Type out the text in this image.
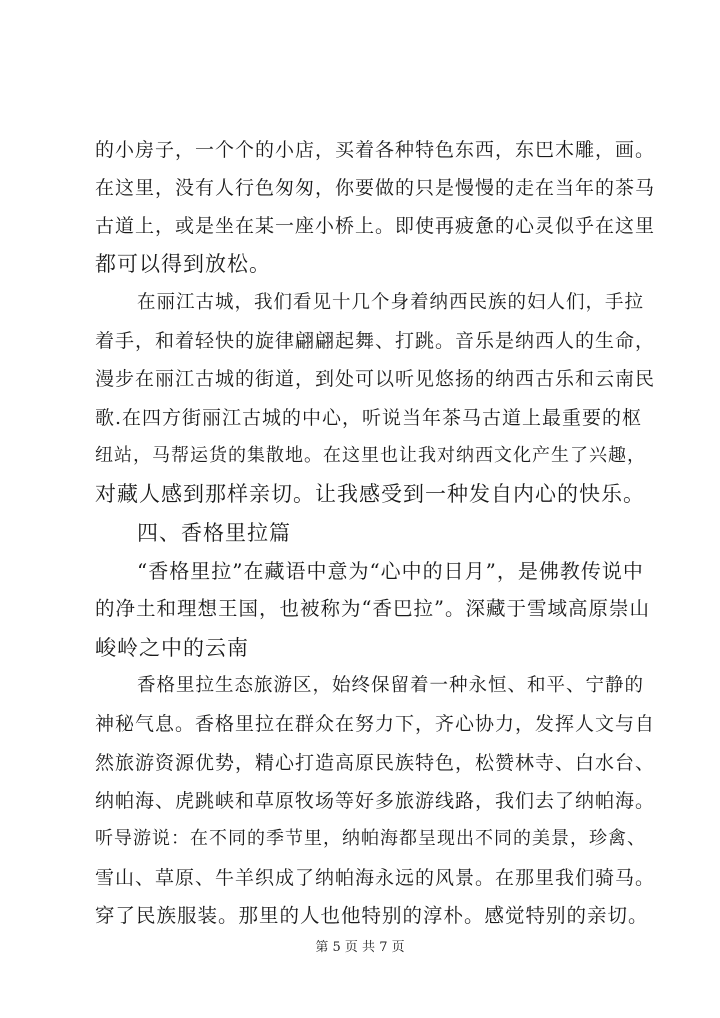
的小房子，一个个的小店，买着各种特色东西，东巴木雕，画。
在这里，没有人行色匆匆，你要做的只是慢慢的走在当年的茶马
古道上，或是坐在某一座小桥上。即使再疲惫的心灵似乎在这里
都可以得到放松。
在丽江古城，我们看见十几个身着纳西民族的妇人们，手拉
着手，和着轻快的旋律翩翩起舞、打跳。音乐是纳西人的生命，
漫步在丽江古城的街道，到处可以听见悠扬的纳西古乐和云南民
歌.在四方街丽江古城的中心，听说当年茶马古道上最重要的枢
纽站，马帮运货的集散地。在这里也让我对纳西文化产生了兴趣，
对藏人感到那样亲切。让我感受到一种发自内心的快乐。
四、香格里拉篇
“香格里拉”在藏语中意为“心中的日月”，是佛教传说中
的净土和理想王国，也被称为“香巴拉”。深藏于雪域高原崇山
峻岭之中的云南
香格里拉生态旅游区，始终保留着一种永恒、和平、宁静的
神秘气息。香格里拉在群众在努力下，齐心协力，发挥人文与自
然旅游资源优势，精心打造高原民族特色，松赞林寺、白水台、
纳帕海、虎跳峡和草原牧场等好多旅游线路，我们去了纳帕海。
听导游说：在不同的季节里，纳帕海都呈现出不同的美景，珍禽、
雪山、草原、牛羊织成了纳帕海永远的风景。在那里我们骑马。
穿了民族服装。那里的人也他特别的淳朴。感觉特别的亲切。
第 5 页 共 7 页
